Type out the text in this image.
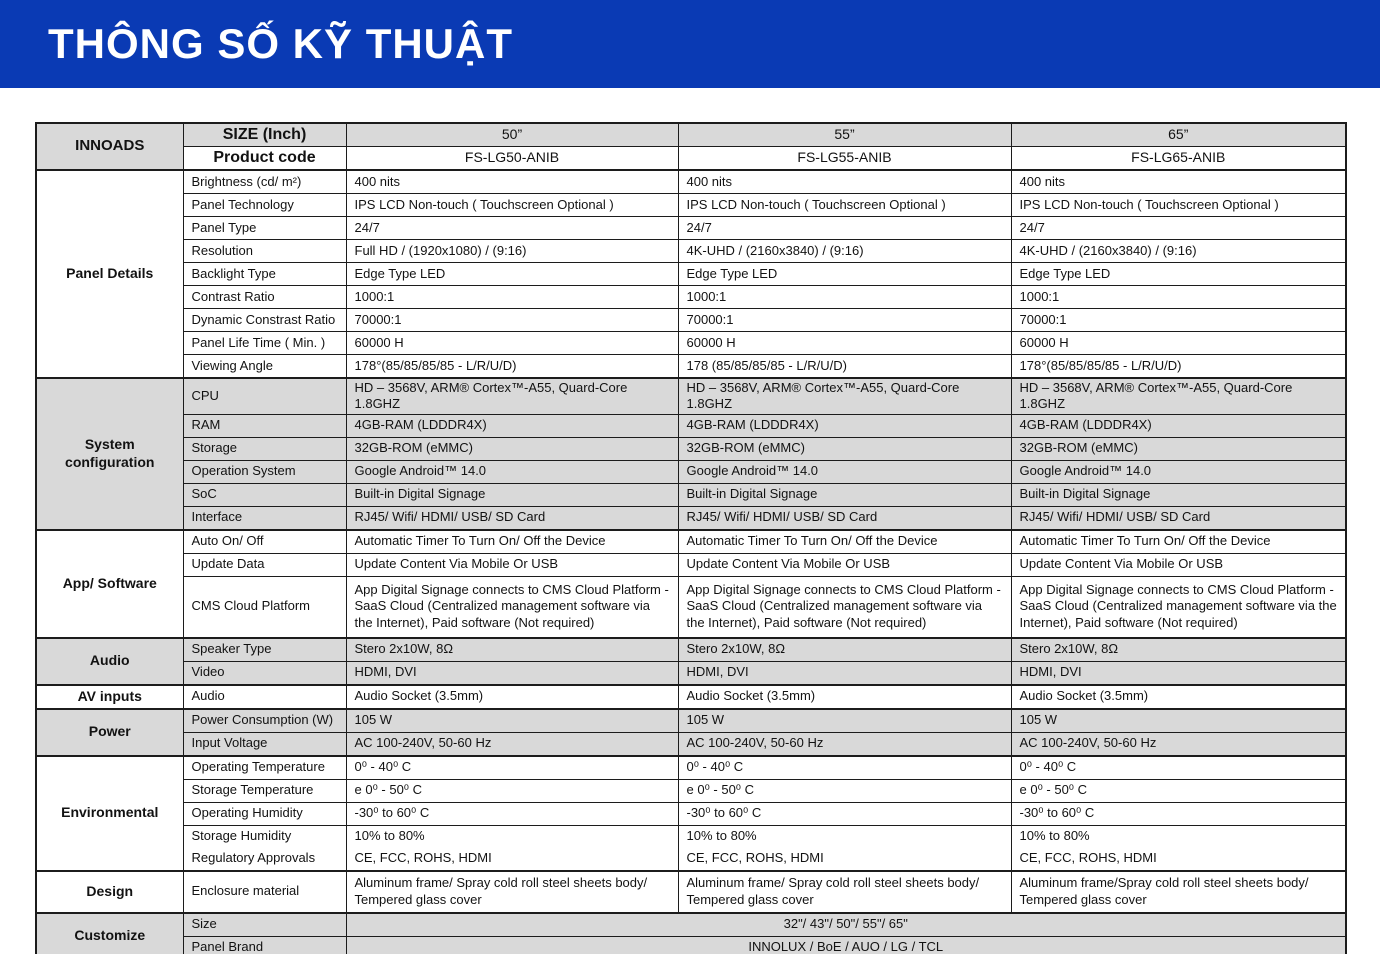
THÔNG SỐ KỸ THUẬT
INNOADS	SIZE (Inch)	50”	55”	65”
	Product code	FS-LG50-ANIB	FS-LG55-ANIB	FS-LG65-ANIB
Panel Details	Brightness (cd/ m²)	400 nits	400 nits	400 nits
	Panel Technology	IPS LCD Non-touch ( Touchscreen Optional )	IPS LCD Non-touch ( Touchscreen Optional )	IPS LCD Non-touch ( Touchscreen Optional )
	Panel Type	24/7	24/7	24/7
	Resolution	Full HD / (1920x1080) / (9:16)	4K-UHD / (2160x3840) / (9:16)	4K-UHD / (2160x3840) / (9:16)
	Backlight Type	Edge Type LED	Edge Type LED	Edge Type LED
	Contrast Ratio	1000:1	1000:1	1000:1
	Dynamic Constrast Ratio	70000:1	70000:1	70000:1
	Panel Life Time ( Min. )	60000 H	60000 H	60000 H
	Viewing Angle	178°(85/85/85/85 - L/R/U/D)	178 (85/85/85/85 - L/R/U/D)	178°(85/85/85/85 - L/R/U/D)
System configuration	CPU	HD – 3568V, ARM® Cortex™-A55, Quard-Core 1.8GHZ	HD – 3568V, ARM® Cortex™-A55, Quard-Core 1.8GHZ	HD – 3568V, ARM® Cortex™-A55, Quard-Core 1.8GHZ
	RAM	4GB-RAM (LDDDR4X)	4GB-RAM (LDDDR4X)	4GB-RAM (LDDDR4X)
	Storage	32GB-ROM (eMMC)	32GB-ROM (eMMC)	32GB-ROM (eMMC)
	Operation System	Google Android™ 14.0	Google Android™ 14.0	Google Android™ 14.0
	SoC	Built-in Digital Signage	Built-in Digital Signage	Built-in Digital Signage
	Interface	RJ45/ Wifi/ HDMI/ USB/ SD Card	RJ45/ Wifi/ HDMI/ USB/ SD Card	RJ45/ Wifi/ HDMI/ USB/ SD Card
App/ Software	Auto On/ Off	Automatic Timer To Turn On/ Off the Device	Automatic Timer To Turn On/ Off the Device	Automatic Timer To Turn On/ Off the Device
	Update Data	Update Content Via Mobile Or USB	Update Content Via Mobile Or USB	Update Content Via Mobile Or USB
	CMS Cloud Platform	App Digital Signage connects to CMS Cloud Platform - SaaS Cloud (Centralized management software via the Internet), Paid software (Not required)	App Digital Signage connects to CMS Cloud Platform - SaaS Cloud (Centralized management software via the Internet), Paid software (Not required)	App Digital Signage connects to CMS Cloud Platform - SaaS Cloud (Centralized management software via the Internet), Paid software (Not required)
Audio	Speaker Type	Stero 2x10W, 8Ω	Stero 2x10W, 8Ω	Stero 2x10W, 8Ω
	Video	HDMI, DVI	HDMI, DVI	HDMI, DVI
AV inputs	Audio	Audio Socket (3.5mm)	Audio Socket (3.5mm)	Audio Socket (3.5mm)
Power	Power Consumption (W)	105 W	105 W	105 W
	Input Voltage	AC 100-240V, 50-60 Hz	AC 100-240V, 50-60 Hz	AC 100-240V, 50-60 Hz
Environmental	Operating Temperature	0⁰ - 40⁰ C	0⁰ - 40⁰ C	0⁰ - 40⁰ C
	Storage Temperature	e 0⁰ - 50⁰ C	e 0⁰ - 50⁰ C	e 0⁰ - 50⁰ C
	Operating Humidity	-30⁰ to 60⁰ C	-30⁰ to 60⁰ C	-30⁰ to 60⁰ C
	Storage Humidity	10% to 80%	10% to 80%	10% to 80%
	Regulatory Approvals	CE, FCC, ROHS, HDMI	CE, FCC, ROHS, HDMI	CE, FCC, ROHS, HDMI
Design	Enclosure material	Aluminum frame/ Spray cold roll steel sheets body/ Tempered glass cover	Aluminum frame/ Spray cold roll steel sheets body/ Tempered glass cover	Aluminum frame/Spray cold roll steel sheets body/ Tempered glass cover
Customize	Size	32"/ 43"/ 50"/ 55"/ 65"		
	Panel Brand	INNOLUX / BoE / AUO / LG / TCL		
